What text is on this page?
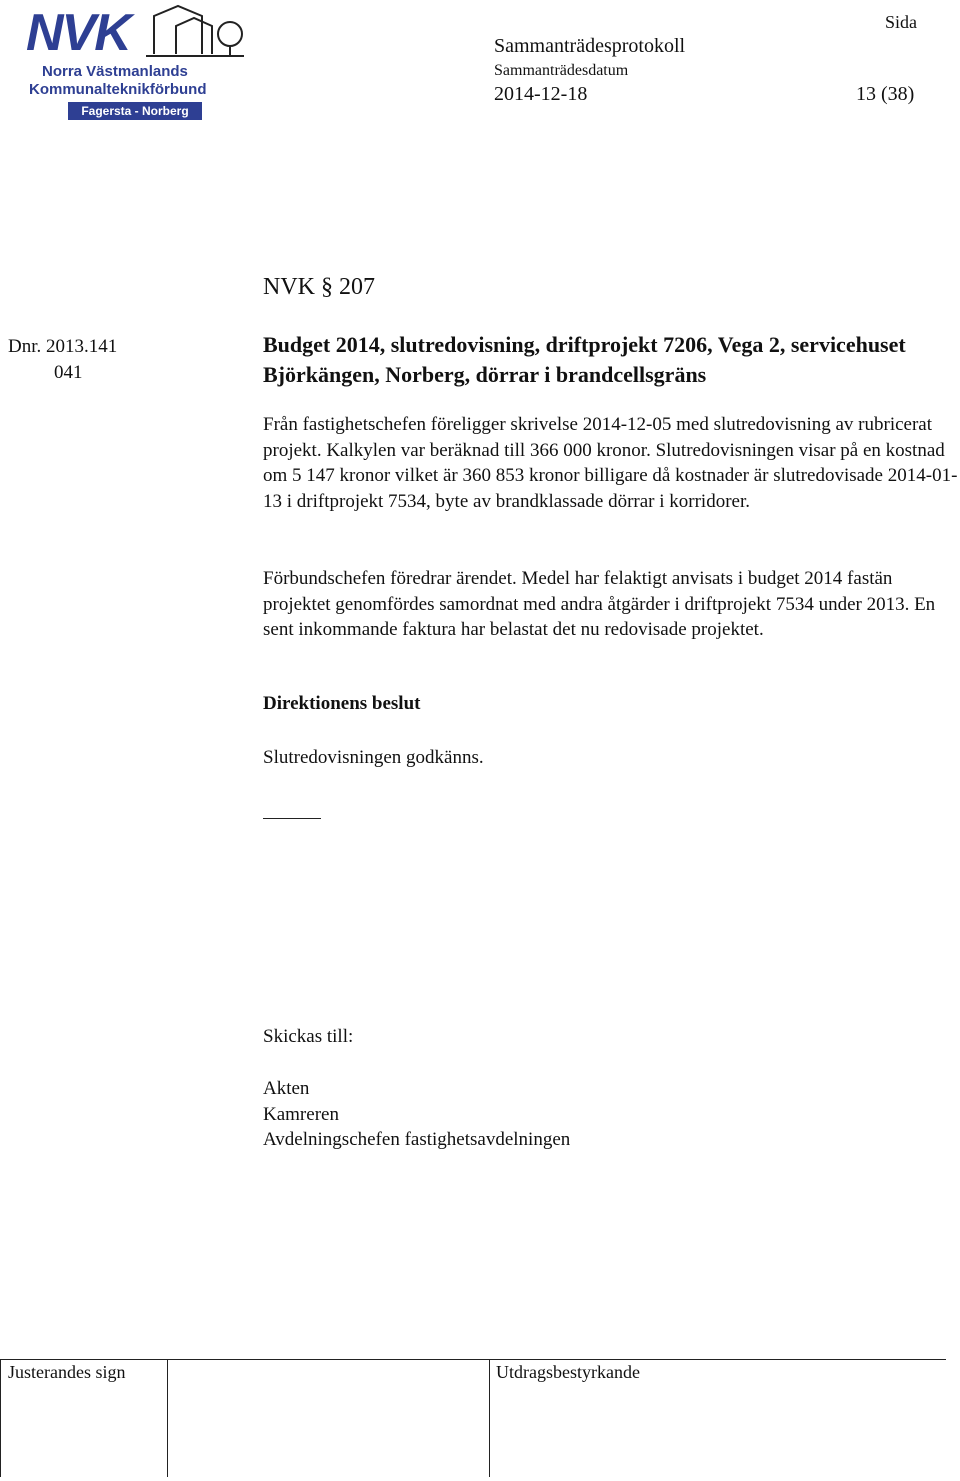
NVK
Norra Västmanlands
Kommunalteknikförbund
Fagersta - Norberg
Sida
Sammanträdesprotokoll
Sammanträdesdatum
2014-12-18	13 (38)
NVK § 207
Dnr. 2013.141
041
Budget 2014, slutredovisning, driftprojekt 7206, Vega 2, servicehuset Björkängen, Norberg, dörrar i brandcellsgräns
Från fastighetschefen föreligger skrivelse 2014-12-05 med slutredovisning av rubricerat projekt. Kalkylen var beräknad till 366 000 kronor. Slutredovisningen visar på en kostnad om 5 147 kronor vilket är 360 853 kronor billigare då kostnader är slutredovisade 2014-01-13 i driftprojekt 7534, byte av brandklassade dörrar i korridorer.
Förbundschefen föredrar ärendet. Medel har felaktigt anvisats i budget 2014 fastän projektet genomfördes samordnat med andra åtgärder i driftprojekt 7534 under 2013. En sent inkommande faktura har belastat det nu redovisade projektet.
Direktionens beslut
Slutredovisningen godkänns.
Skickas till:
Akten
Kamreren
Avdelningschefen fastighetsavdelningen
Justerandes sign	Utdragsbestyrkande
